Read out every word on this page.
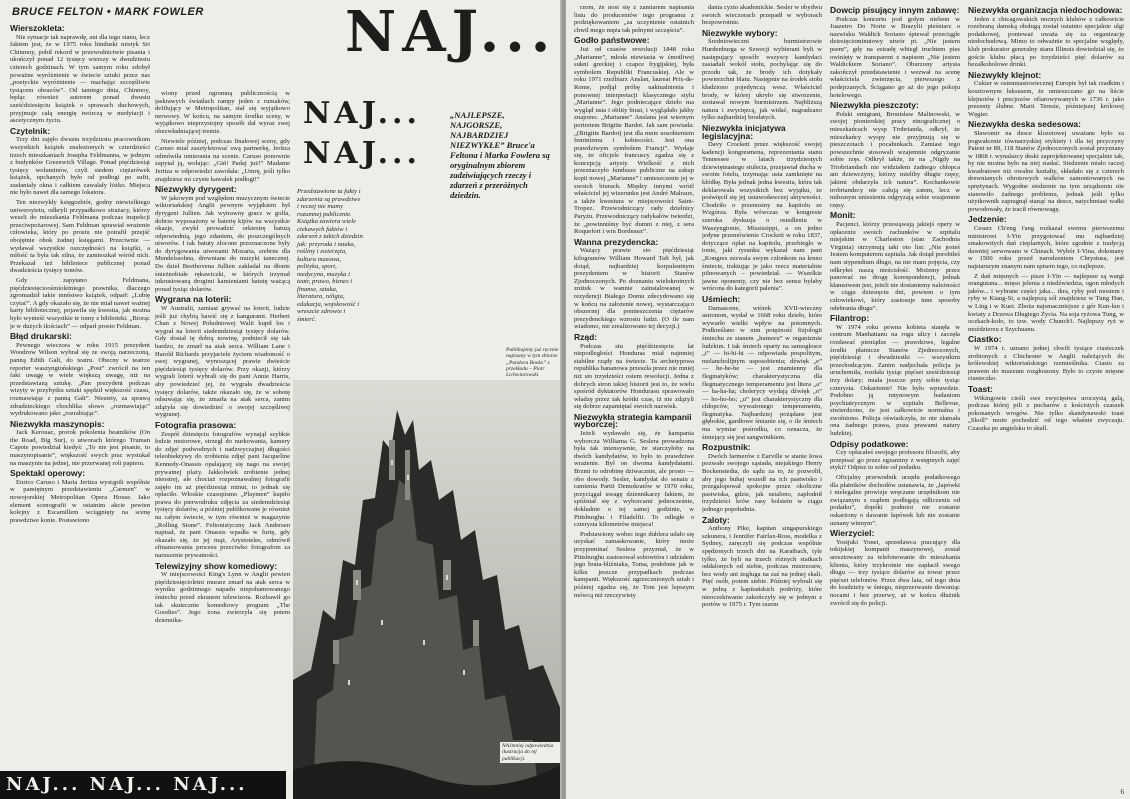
BRUCE FELTON • MARK FOWLER	NAJ...
Wierszokleta:

Nie sytuacje tak naprawdę, ani dla tego stanu, lecz faktem jest, że w 1975 roku hinduski mistyk Sri Chinmoy, pobił rekord w przewodnictwie pisania i ukończył ponad 12 tysięcy wierszy w dwudziestu czterech godzinach. W tym samym roku zdobył poważne wyróżnienie w świecie sztuki przez nas „poetyckie wyróżnienie — machając szczęśliwie tysiącem obrazów”. Od tamtego dnia, Chinmoy, będąc również autorem ponad dwustu sześćdziesięciu książek o sprawach duchowych, przyjmuje całą energię twórczą w medytacji i ascetycznym życiu.

Czytelnik:

Trzy dni zajęło dwustu trzydziestu pracownikom wszystkich książek znalezionych w czterdzieści trzech mieszkaniach Josepha Feldmanna, w jednym z budynków Greenwich Village. Ponad pięćdziesiąt tysięcy woluminów, czyli siedem ciężarówek książek, upchanych było od podłogi po sufit, zasłaniały okna i całkiem zawalały łóżko. Miejsca nie było nawet dla samego lokatora.

Ten niezwykły księgozbiór, godny niewielkiego uniwersytetu, odkryli przypadkowo strażacy, którzy weszli do mieszkania Feldmana podczas inspekcji przeciwpożarowej. Sam Feldman sprawiał wrażenie człowieka, który po prostu nie potrafił przejść obojętnie obok żadnej księgarni. Przeciwnie — wydawał wszystkie oszczędności na książki, a miłość ta była tak silna, że zamieszkał wśród nich. Przekazał też bibliotece publicznej ponad dwadzieścia tysięcy tomów.

Gdy zapytano Feldmana, pięćdziesięcioośmioletniego prawnika, dlaczego zgromadził takie mnóstwo książek, odparł: „Lubię czytać”. A gdy okazało się, że nie miał nawet ważnej karty bibliotecznej, pojawiła się kwestia, jak można było wynieść wszystkie te tomy z biblioteki. „Biorąc je w dużych ilościach” — odparł prosto Feldman.

Błąd drukarski:

Pewnego wieczora w roku 1915 prezydent Woodrow Wilson wybrał się ze swoją narzeczoną, panną Edith Galt, do teatru. Obecny w teatrze reporter waszyngtońskiego „Post” zwrócił na ten fakt uwagę w wiele większą uwagę, niż na przedstawianą sztukę. „Pan prezydent podczas wizyty w przybytku sztuki spędził większość czasu, rozmawiając z panną Galt”. Niestety, za sprawą zdradzieckiego chochlika słowo „rozmawiając” wydrukowano jako „rozrabiając”.

Niezwykła maszynopis:

Jack Kerouac, prorok pokolenia beatników (On the Road, Big Sur), o utworach którego Truman Capote powiedział kiedyś: „To nie jest pisanie, to maszynopisanie”, większość swych prac wystukał na maszynie na jednej, nie przerwanej roli papieru.

Spektakl operowy:

Enrico Caruso i Maria Jeritza wystąpili wspólnie w pamiętnym przedstawieniu „Carmen” w nowojorskiej Metropolitan Opera House. Jako element scenografii w ostatnim akcie pewien kolejny z Escamillem wciągnięty na scenę prawdziwe konie. Postawiono

wiony przed ogromną publicznością w jaskrawych światłach rampy jeden z rumaków, defilujący w Metropolitan, stał się wyjątkowo nerwowy. W końcu, na samym środku sceny, w wyjątkowo nieprzystojny sposób dał wyraz swej obezwładniającej tremie.

Niewiele później, podczas finałowej sceny, gdy Caruso miał zasztyletować swą partnerkę, Jeritza odmówiła umierania na scenie. Caruso ponownie zapytał ją, wołając: „Giń! Padaj już!” Madame Jeritza w odpowiedzi zawołała: „Umrę, jeśli tylko znajdziesz mi czyste kawałek podłogi!”

Niezwykły dyrygent:

W jakowym pod względem muzycznym świecie wiktoriańskiej Anglii pewnym wyjątkiem był dyrygent Jullien. Jak wytrawny gracz w golfa, dobrze wyposażony w baterię kijów na wszystkie okazje, zwykł prowadzić orkiestrę batutą odpowiednią, jego zdaniem, do poszczególnych utworów. I tak batuty złocone przeznaczone były do dyrygowania utworami Mozarta, srebrne dla Mendelssohna, drewniane do muzyki tanecznej. Do dzieł Beethovena Jullien zakładał na dłonie śnieżnobiałe rękawiczki, w których trzymał inkrustowaną drogimi kamieniami batutę ważącą ponad tysiąc dolarów.

Wygrana na loterii:

W Australii, zamiast grywać na loterii, ludzie jeśli już chybią bawić się z kangurami. Herbert Chan z Nowej Południowej Walii kupił los i wygrał na loterii siedemdziesiąt tysięcy dolarów. Gdy dostał tę dobrą nowinę, podniecił się tak bardzo, że zmarł na atak serca. William Lane i Harold Richards przyjaciele życiem wiadomość o swej wygranej, wynoszącej prawie dwieście pięćdziesiąt tysięcy dolarów. Przy okazji, którzy wygrali loterii wybrali się do pani Annie Harris, aby powiedzieć jej, że wygrała dwadzieścia tysięcy dolarów, także okazało się, że w sobotę odsuwając się, że zmarła na atak serca, zanim zdążyła się dowiedzieć o swojej szczęśliwej wygranej.

Fotografia prasowa:

Zespół dziesięciu fotografów wynajął szybkie łodzie motorowe, strzegł do nurkowania, kamery do zdjęć podwodnych i nadzwyczajnej długości teleobiektywy do zrobienia zdjęć pani Jacqueline Kennedy-Onassis opalającej się nago na swojej prywatnej plaży. Jakkolwiek zrobienie jednej nieostrej, ale chociaż rozpoznawalnej fotografii zajęło im aż pięćdziesiąt minut, to jednak się opłaciło. Włoskie czasopismo „Playmen” kupiło prawa do pierwodruku zdjęcia za siedemdziesiąt tysięcy dolarów, a później publikowane je również na całym świecie, w tym również w magazynie „Rolling Stone”. Feltonistyczny Jack Andersen napisał, że pani Onassis wpadła w furię, gdy okazało się, że jej mąż, Arystoteles, odmówił sfinansowania procesu przeciwko fotografom za naruszenie prywatności.

Telewizyjny show komediowy:

W miejscowości King's Lynn w Anglii pewien pięćdziesięcioletni murarz zmarł na atak serca w wyniku godzinnego napadu niepohamowanego śmiechu przed ekranem telewizora. Rozbawił go tak skutecznie komediowy program „The Goodies”. Jego żona zwierzyła się potem dziennika-

NAJ...
NAJ...
„NAJLEPSZE, NAJGORSZE, NAJBARDZIEJ NIEZWYKŁE” Bruce'a Feltona i Marka Fowlera są oryginalnym zbiorem zadziwiających rzeczy i zdarzeń z przeróżnych dziedzin.
Przedstawione tu fakty i zdarzenia są prawdziwe i reczej nie mamy rozumnej publicznie. Książka zawiera wiele ciekawych faktów i zdarzeń z takich dziedzin jak: przyroda i nauka, rośliny i zwierzęta, kultura masowa, polityka, sport, medycyna, muzyka i teatr, prawo, biznes i finanse, sztuka, literatura, religia, edukacja, wojskowość i wreszcie zdrowie i śmierć.
Publikujemy już ręcznie napisany w tym zbiorze „Pandora Books” z przekładu – Piotr Lichwiarowski.
NAJmniej odpowiednia ilustracja do tej publikacji.
NAJ... NAJ... NAJ...

rzom, że nosi się z zamiarem napisania listu do producentów tego programu z podziękowaniem „za uczynienie ostatnich chwil mego męża tak pełnymi szczęścia”.

Godło państwowe:

Już od czasów rewolucji 1848 roku „Marianne”, młoda niewiasta w ćmotliwej sukni greckiej i czapce frygijskiej, była symbolem Republiki Francuskiej. Ale w roku 1971 rzeźbiarz Anslan, laureat Prix-de-Rome, podjął próbę uaktualnienia i ponownej interpretacji klasycznego stylu „Marianne”. Jego podniecające dzieło ma wygląd usta i oblity biust, i wyglądało jakby znajomo. „Marianne” Anslana jest wiernym portretem Brigitte Bardot. Jak sam powiada: „(Brigitte Bardot) jest dla mnie uosobieniem feminizmu i kobiecości. Jest ona prawdziwym symbolem Francji”. Wydaje się, że oficjele francuscy zgadza się z koncepcją artysty. Wielkość z nich przeznaczyło fundusze publiczne na zakup kopii nowej „Marianne” i umieszczenie jej w swoich biurach. Między innymi wróżl właściciel jej wizerunku jest André Malraux, a także kwestura w miejscowości Saint-Tropez. Przewodniczący rady dzielnicy Paryżu. Przewodniczący radykałów twierdzi, że „powinniśmy być dumni z niej, z sera Roquefort i win Bordeaux”.

Wanna prezydencka:

Ważący prawie sto pięćdziesiąt kilogramów William Howard Taft był, jak dotąd, najbardziej korpulentnym prezydentem w historii Stanów Zjednoczonych. Po doznaniu wielokrotnych zniżek w wannie zainstalowanej w rezydencji Białego Domu zdecydowano się w końcu na założenie nowej, wystarczająco obszernej dla pomieszczenia ciężarów prezydenckiego wzrostu ludzi. (O ile nam wiadomo, nie zrealizowano tej decyzji.)

Rząd:

Podczas stu pięćdziesięciu lat niepodległości Honduras miał najmniej stabilne rządy na świecie. Ta archetypowa republika bananowa przeszła przez nie mniej niż sto trzydzieści osiem rewolucji. Jedna z dobrych stron takiej historii jest to, że wielu spośród dyktatorów Hondurasu sprawowało władzę przez tak krótki czas, iż nie zdążyli się dobrze zapamiętać swoich nazwisk.

Niezwykła strategia kampanii wyborczej:

Jeżeli wydawało się, że kampania wyborcza Williama G. Seslera prowadzona była tak intensywnie, że starczyłoby na dwóch kandydatów, to było to prawdziwe wrażenie. Był on dwoma kandydatami. Brzmi to odrobinę dziwacznie, ale prosto — obo dowody. Sesler, kandydat do senatu z ramienia Partii Demokratów w 1970 roku, przyciągał uwagę dziennikarzy faktem, że spóźniał się z wyborcami jednocześnie, dokładnie o tej samej godzinie, w Pittsburghu i Filadelfii. To odległe o czterysta kilometrów miejsca!

Podstawiony wobec tego dublera udało się uzyskać zamaskowanie, który może przypominać Seslera przyznał, że w Pittsburghu zastosował sobowtóra i udziałem jego brata-bliźniaka, Toma, podobnie jak w kilku jeszcze przypadkach podczas kampanii. Większość ugrzecznionych sztab i później zgadza się, że Tom jest lepszym mówcą niż rzeczywisty

dania cyzto akademickie. Sesler w obydwu swoich wieczorach przepadł w wyborach bezpowrotnie.

Niezwykłe wybory:

Średniowieczni burmistrzowie Hurdenburga w Szwecji wybierani byli w następujący sposób: wszyscy kandydaci zasiadali wokół stołu, pochylając się do przodu tak, że brody ich dotykały powierzchni blatu. Następnie na środek stołu kładziono pojedynczą wesz. Właściciel brody, w której ukryło się stworzenie, zostawał nowym burmistrzem. Najbliższą natura i zwycięzcą, jak widać, nagradzano tylko najbardziej brodatych.

Niezwykła inicjatywa legislacyjna:

Davy Crockett przez większość swojej kadencji kongresmena, reprezentanta stanu Tennessee w latach trzydziestych dziewiętnastego stulecia, przejawiał ducha w swoim fotelu, trzymając usta zamknięte na kłódkę. Była jednak jedna kwestia, która tak deklarowała wszystkich bez wyjątku, że poświęcił się jej ustawodawczej aktywności. Chodziło o przenosiny na kapitolu ze Wzgórza. Była wówczas w kongresie szeroka dyskusja o osiedleniu w Waszyngtonie, Mississippi, a on jedno jedyne przemówienie Crockett w roku 1837, dotyczące opłat na kapitolu, przebiegło w tonie, jaki rysunku wykazał nam pani „Kongres zezwala swym członkom na lenno śmiecie, traktując je jako rzecz materialnie pilnowanych – powiedział. — Wszelkie jawne oponenty, czy nie bez sensu byłaby wrócona do kategorii palenia”.

Uśmiech:

Damascene, wtórek XVII-wieczny astronom, wydał w 1668 roku dzieło, które wywarło wielki wpływ na potomnych. Podkreślano w nim potężność fizjologii śmiechu ze stanem „humoru” w organizmie ludzkim. I tak śmiech oparty na samogłosce „i” — hi-hi-hi — odpowiada pospolitym, melancholijnym usposobieniu; dźwięk „e” — he-he-he — jest znamienny dla flegmatyków; charakterystyczna dla flegmatycznego temperamentu jest litera „a” — ha-ha-ha; cholerycy wydają dźwięk „o” — ho-ho-ho; „u” jest charakterystyczny dla chłopców, wyważonego temperamentu, flegmatyka. Najbardziej pożądane jest głębokie, gardłowe śmianie się, o ile śmiech ma wymiar pośrodku, co oznacza, że śmiejący się jest sangwinikiem.

Rozpustnik:

Dwóch farmerów z Earville w stanie Iowa pozwało swojego sąsiada, niejakiego Henry Bockenstedta, do sądu za to, że pozwolił, aby jego buhaj wszedł na ich pastwisko i przegalopował spokojne przez okoliczne pastwiska, gdzie, jak ustalono, zapłodnił trzydzieści krów rasy holstein w ciągu jednego popołudnia.

Zaloty:

Anthony Pike, kapitan singapurskiego szkunera, i Jennifer Fairfax-Ross, modelka z Sydney, zaręczyli się podczas wspólnie spędzonych trzech dni na Karaibach, tyle tylko, że byli na trzech różnych statkach oddalonych od siebie, podczas mistrzostw, bez wody ani żegluga na zaś na jednej skali. Pięć osób, potem siebie. Później wybrali się w jedną z kapitańskich podróży, które nieoczekiwanie zakończyły się w jednym z portów w 1975 r. Tym razem

Dowcip pisujący innym zabawę:

Podczas koncertu pod gołym niebem w Juazeiro Do Norte w Brazylii pieśniarz o nazwisku Waldick Soriano śpiewał przeciągle dziesięciominutowy utwór pt. „Nie jestem psem”, gdy na estradę wbiegł truchtem pies owinięty w transparent z napisem „Nie jestem Waldickiem Soriano”. Oburzony artysta zakończył przedstawienie i wezwał na scenę właściciela zwierzęcia, pierwszego z podejrzanych. Ściągano go aż do jego pokoju hotelowego.

Niezwykła pieszczoty:

Polski emigrant, Bronisław Malinowski, w swojej pionierskiej pracy etnograficznej o mieszkańcach wysp Trobrianda, odkrył, że mieszkańcy wyspy nie przyjmują się w pieszczotach i pocałunkach. Zamiast tego powszechnie stosowali wzajemnie odgryzanie sobie rzęs. Odkrył także, że na „Nigdy na Triobriandach nie widziałem żadnego chłopca ani dziewczyny, którzy mieliby długie rzęsy, jakimi obdarzyła ich natura”. Kochankowie trobriandzcy nie całują się zatem, lecz w miłosnym uniesieniu odgryzają sobie wzajemnie rzęsy.

Monit:

Pacjenci, którzy przesiąwają jakiejś opery w opłaceniu swoich rachunków w szpitalu miejskim w Charleston (stan Zachodnia Virginia) otrzymują taki oto list: „Nie jesteś Jestem komputerem szpitala. Jak dotąd porobiłeś nam stypendium długo, na nie mam pojęcia, czy odkryłeś naszą nieścisłość. Możemy przez panować na drogę korespondencji, jednak kłamstwem jest, jeżeli nie dostaniemy należności w ciągu dziesięciu dni, powiem o tym człowiekowi, który zastosuje inne sposoby odebrania długu”.

Filantrop:

W 1974 roku pewna kobieta stanęła w centrum Manhattanu na rogu ulicy i zaczęła rozdawać pieniądze — prawdziwe, legalne środki płatnicze Stanów Zjednoczonych, pięćdziesiąt i dwudziestki — wszystkim przechodzącym. Zanim nadjechała policja ja uruchomiła, rozdała tysiąc pięćset sześćdziesiąt trzy dolary; miała jeszcze przy sobie tysiąc czterysta. Oskarżenie! Nie było wprawdzie. Podobno ją rutynowym badaniom psychiatrycznym w szpitalu Bellevue, stwierdzono, że jest całkowicie normalna i zwolniono. Policja oświadczyła, że nie złamała ona żadnego prawa, poza prawami natury ludzkiej.

Odpisy podatkowe:

Czy opłacałeś swojego profesora filozofii, aby przepisać go przez egzaminy z wstępnych zajęć etyki? Odpisz to sobie od podatku.

Oficjalny przewodnik urzędu podatkowego dla płatników dochodów ustanawia, że „łapówki i nielegalne prowizje wręczane urzędnikom nie związanym z rządem podlegają odliczeniu od podatku”, dopóki podmiot nie zostanie oskarżony o dawanie łapówek lub nie zostanie uznany winnym”.

Wierzyciel:

Yosijuki Yonei, sprzedawca pracujący dla tokijskiej kompanii maszynowej, został aresztowany za telefonowanie do mieszkania klienta, który trzykrotnie nie zapłacił swego długu — trzy tysiące dolarów za towar przez pięćset telefonów. Przez dwa lata, od tego dnia do kradzieży w śniegu, nieprzerwanie dzwoniąc nocami i bez przerwy, aż w końcu dłużnik zwrócił się do policji.

Niezwykła organizacja niedochodowa:

Jeden z chicagowskich nocnych klubów z całkowicie rozebraną damską obsługą został ostatnio specjalnie ulgi podatkowej, ponieważ uważa się za organizację niedochodową. Mimo to odważnie to specjalne względy, klub prokurator generalny stanu Illinois dowiedział się, że goście klubu płacą po trzydzieści pięć dolarów za bezalkoholowe drinki.

Niezwykły klejnot:

Cukier w osiemnastowiecznej Europie był tak rzadkim i kosztownym luksusem, że umieszczano go na liście klejnotów i precjozów ofiarowywanych w 1736 r. jako prezenty ślubne. Marii Teresie, późniejszej królowej Węgier.

Niezwykła deska sedesowa:

Sławomir na desce klozetowej uważane było za pogwałcenie tównarzyskiej etykiety i dla tej przyczyny Patent nr 89, 118 Stanów Zjednoczonych został przyznany w 1868 r. wynalazcy deski zaprojektowanej specjalnie tak, by nie można było na niej siadać. Siedzenie miało raczej kwadratowe niż owalne kształty, składało się z czterech drewnianych obrotowych walków zamontowanych na sprężynach. Wygodne siedzenie na tym urządzeniu nie stanowiło żadnego problemu, jednak jeśli tylko użytkownik zapragnął stanąć na desce, natychmiast wałki powodowały, że tracił równowagę.

Jedzenie:

Cesarz Ch'eng t'ang rozkazał swemu pierwszemu ministrowi I-Yin przygotować mu najbardziej smakowitych dań cieplarnych, które zgodnie z tradycją dawniej serwowano w Chinach. Wybór I-Yina, dokonany w 1500 roku przed narodzeniem Chrystusa, jest najstarszym znanym nam spisem tego, co najlepsze.

Z dań mięsnych — pisze I-Yin — najlepsze są wargi orangutana... mięso jelenia z niedźwiedzia, ogon młodych jaków... i wybrane części jaka... ikra, ryby pod mostem i ryby w Kiang-Si, a najlepszą sól znajdziesz w Tung Han, w Ling i w Kuei. Zboża najsmaczniejsze z gór Kun-lun i kwiaty z Drzewa Długiego Życia. Na soja ryżowa Tung, w oczkach-koło, to tzw. wody Chunch'i. Najlepszy ryż w moździerzu z Szychuanu.

Ciastko:

W 1974 r. uznano jednej chwili tysiące ciasteczek zrobionych z Chichester w Anglii należących do królewskiej wiktoriańskiego rzemieślnika. Ciasto za prawem do muzeum rozgłoszony. Było to czyste mięsne ciasteczko.

Toast:

Wikingowie cieśli swe zwycięstwa uroczystą galą, podczas której pili z pucharów z kościstych czaszek pokonanych wrogów. Nie tylko skandynawski toast „Skoll” może pochodzić od tego właśnie zwyczaju. Czaszka po angielsku to skull.

6
